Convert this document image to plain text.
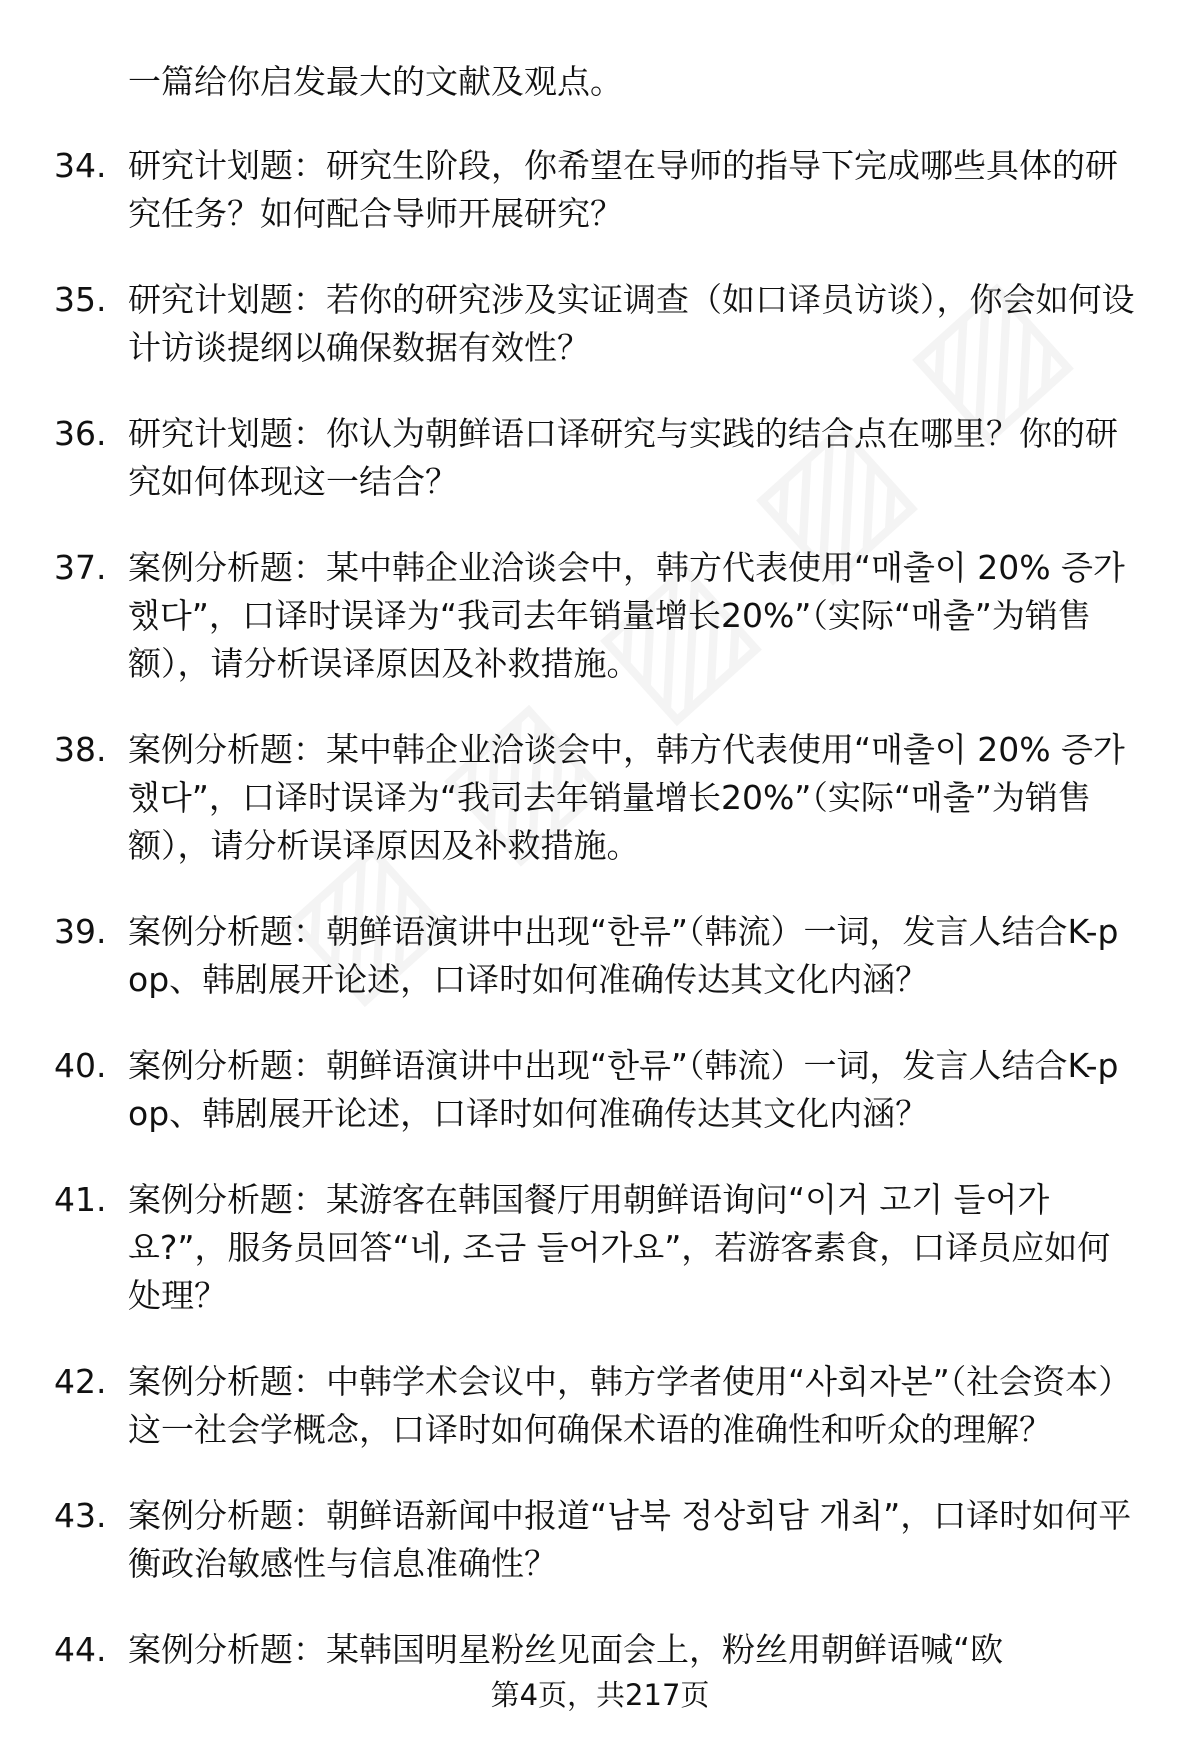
一篇给你启发最大的文献及观点。
34. 研究计划题：研究生阶段，你希望在导师的指导下完成哪些具体的研究任务？如何配合导师开展研究？
35. 研究计划题：若你的研究涉及实证调查（如口译员访谈），你会如何设计访谈提纲以确保数据有效性？
36. 研究计划题：你认为朝鲜语口译研究与实践的结合点在哪里？你的研究如何体现这一结合？
37. 案例分析题：某中韩企业洽谈会中，韩方代表使用“매출이 20% 증가했다”，口译时误译为“我司去年销量增长20%”（实际“매출”为销售额），请分析误译原因及补救措施。
38. 案例分析题：某中韩企业洽谈会中，韩方代表使用“매출이 20% 증가했다”，口译时误译为“我司去年销量增长20%”（实际“매출”为销售额），请分析误译原因及补救措施。
39. 案例分析题：朝鲜语演讲中出现“한류”（韩流）一词，发言人结合K-pop、韩剧展开论述，口译时如何准确传达其文化内涵？
40. 案例分析题：朝鲜语演讲中出现“한류”（韩流）一词，发言人结合K-pop、韩剧展开论述，口译时如何准确传达其文化内涵？
41. 案例分析题：某游客在韩国餐厅用朝鲜语询问“이거 고기 들어가요?”，服务员回答“네, 조금 들어가요”，若游客素食，口译员应如何处理？
42. 案例分析题：中韩学术会议中，韩方学者使用“사회자본”（社会资本）这一社会学概念，口译时如何确保术语的准确性和听众的理解？
43. 案例分析题：朝鲜语新闻中报道“남북 정상회담 개최”，口译时如何平衡政治敏感性与信息准确性？
44. 案例分析题：某韩国明星粉丝见面会上，粉丝用朝鲜语喊“欧
第4页，共217页
